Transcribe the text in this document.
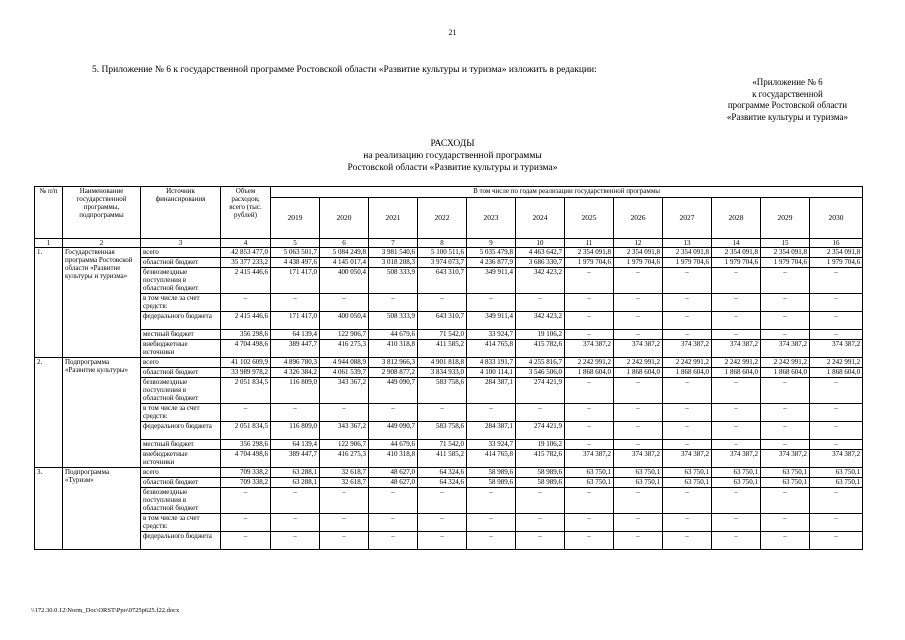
21
5. Приложение № 6 к государственной программе Ростовской области «Развитие культуры и туризма» изложить в редакции:
«Приложение № 6
к государственной
программе Ростовской области
«Развитие культуры и туризма»
РАСХОДЫ
на реализацию государственной программы
Ростовской области «Развитие культуры и туризма»
№ п/п	Наименование государственной программы, подпрограммы	Источник финансирования	Объем расходов, всего (тыс. рублей)	В том числе по годам реализации государственной программы											
				2019	2020	2021	2022	2023	2024	2025	2026	2027	2028	2029	2030
1	2	3	4	5	6	7	8	9	10	11	12	13	14	15	16
1.	Государственная программа Ростовской области «Развитие культуры и туризма»	всего	42 853 477,0	5 063 501,7	5 084 249,8	3 981 540,6	5 100 511,6	5 035 479,8	4 463 642,7	2 354 091,8	2 354 091,8	2 354 091,8	2 354 091,8	2 354 091,8	2 354 091,8
		областной бюджет	35 377 233,2	4 438 497,6	4 145 017,4	3 018 208,3	3 974 073,7	4 236 877,9	3 686 330,7	1 979 704,6	1 979 704,6	1 979 704,6	1 979 704,6	1 979 704,6	1 979 704,6
		безвозмездные поступления в областной бюджет	2 415 446,6	171 417,0	400 050,4	508 333,9	643 310,7	349 911,4	342 423,2	–	–	–	–	–	–
		в том числе за счет средств:	–	–	–	–	–	–	–	–	–	–	–	–	–
		федерального бюджета	2 415 446,6	171 417,0	400 050,4	508 333,9	643 310,7	349 911,4	342 423,2	–	–	–	–	–	–
		местный бюджет	356 298,6	64 139,4	122 906,7	44 679,6	71 542,0	33 924,7	19 106,2	–	–	–	–	–	–
		внебюджетные источники	4 704 498,6	389 447,7	416 275,3	410 318,8	411 585,2	414 765,8	415 782,6	374 387,2	374 387,2	374 387,2	374 387,2	374 387,2	374 387,2
2.	Подпрограмма «Развитие культуры»	всего	41 102 609,9	4 896 780,3	4 944 088,9	3 812 966,3	4 901 818,8	4 833 191,7	4 255 816,7	2 242 991,2	2 242 991,2	2 242 991,2	2 242 991,2	2 242 991,2	2 242 991,2
		областной бюджет	33 989 978,2	4 326 384,2	4 061 539,7	2 908 877,2	3 834 933,0	4 100 114,1	3 546 506,0	1 868 604,0	1 868 604,0	1 868 604,0	1 868 604,0	1 868 604,0	1 868 604,0
		безвозмездные поступления в областной бюджет	2 051 834,5	116 809,0	343 367,2	449 090,7	583 758,6	284 387,1	274 421,9	–	–	–	–	–	–
		в том числе за счет средств:	–	–	–	–	–	–	–	–	–	–	–	–	–
		федерального бюджета	2 051 834,5	116 809,0	343 367,2	449 090,7	583 758,6	284 387,1	274 421,9	–	–	–	–	–	–
		местный бюджет	356 298,6	64 139,4	122 906,7	44 679,6	71 542,0	33 924,7	19 106,2	–	–	–	–	–	–
		внебюджетные источники	4 704 498,6	389 447,7	416 275,3	410 318,8	411 585,2	414 765,8	415 782,6	374 387,2	374 387,2	374 387,2	374 387,2	374 387,2	374 387,2
3.	Подпрограмма «Туризм»	всего	709 338,2	63 288,1	32 618,7	48 627,0	64 324,6	58 989,6	58 989,6	63 750,1	63 750,1	63 750,1	63 750,1	63 750,1	63 750,1
		областной бюджет	709 338,2	63 288,1	32 618,7	48 627,0	64 324,6	58 989,6	58 989,6	63 750,1	63 750,1	63 750,1	63 750,1	63 750,1	63 750,1
		безвозмездные поступления в областной бюджет	–	–	–	–	–	–	–	–	–	–	–	–	–
		в том числе за счет средств:	–	–	–	–	–	–	–	–	–	–	–	–	–
		федерального бюджета	–	–	–	–	–	–	–	–	–	–	–	–	–
\\172.30.0.12\Norm_Doc\ORST\Ppo\0725p625.f22.docx
